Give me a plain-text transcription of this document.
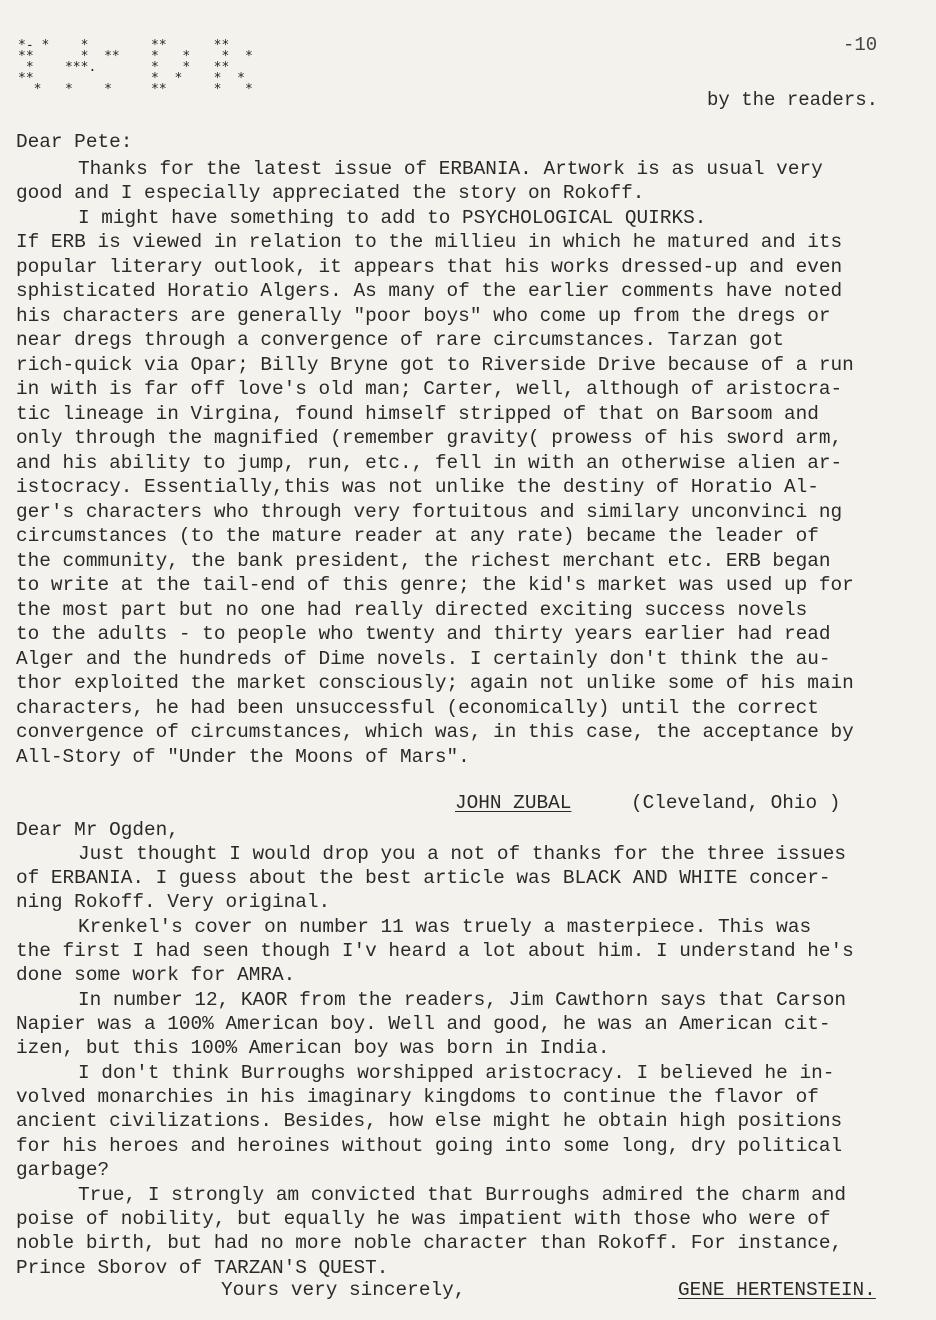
*- *    *        **      **
**      *  **    *   *    *  *
*    ***.       *   *   **
**               *  *    *  *
*   *    *     **      *   *
-10
by the readers.
Dear Pete:
Thanks for the latest issue of ERBANIA. Artwork is as usual very
good and I especially appreciated the story on Rokoff.
I might have something to add to PSYCHOLOGICAL QUIRKS.
If ERB is viewed in relation to the millieu in which he matured and its
popular literary outlook, it appears that his works dressed-up and even
sphisticated Horatio Algers. As many of the earlier comments have noted
his characters are generally "poor boys" who come up from the dregs or
near dregs through a convergence of rare circumstances. Tarzan got
rich-quick via Opar; Billy Bryne got to Riverside Drive because of a run
in with is far off love's old man; Carter, well, although of aristocra-
tic lineage in Virgina, found himself stripped of that on Barsoom and
only through the magnified (remember gravity( prowess of his sword arm,
and his ability to jump, run, etc., fell in with an otherwise alien ar-
istocracy. Essentially,this was not unlike the destiny of Horatio Al-
ger's characters who through very fortuitous and similary unconvinci ng
circumstances (to the mature reader at any rate) became the leader of
the community, the bank president, the richest merchant etc. ERB began
to write at the tail-end of this genre; the kid's market was used up for
the most part but no one had really directed exciting success novels
to the adults - to people who twenty and thirty years earlier had read
Alger and the hundreds of Dime novels. I certainly don't think the au-
thor exploited the market consciously; again not unlike some of his main
characters, he had been unsuccessful (economically) until the correct
convergence of circumstances, which was, in this case, the acceptance by
All-Story of "Under the Moons of Mars".
JOHN ZUBAL	(Cleveland, Ohio )
Dear Mr Ogden,
Just thought I would drop you a not of thanks for the three issues
of ERBANIA. I guess about the best article was BLACK AND WHITE concer-
ning Rokoff. Very original.
Krenkel's cover on number 11 was truely a masterpiece. This was
the first I had seen though I'v heard a lot about him. I understand he's
done some work for AMRA.
In number 12, KAOR from the readers, Jim Cawthorn says that Carson
Napier was a 100% American boy. Well and good, he was an American cit-
izen, but this 100% American boy was born in India.
I don't think Burroughs worshipped aristocracy. I believed he in-
volved monarchies in his imaginary kingdoms to continue the flavor of
ancient civilizations. Besides, how else might he obtain high positions
for his heroes and heroines without going into some long, dry political
garbage?
True, I strongly am convicted that Burroughs admired the charm and
poise of nobility, but equally he was impatient with those who were of
noble birth, but had no more noble character than Rokoff. For instance,
Prince Sborov of TARZAN'S QUEST.
Yours very sincerely,	GENE HERTENSTEIN.
